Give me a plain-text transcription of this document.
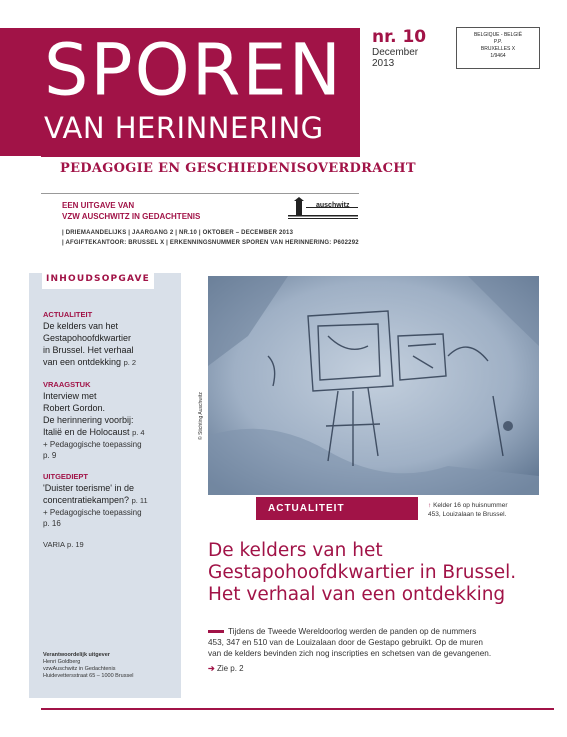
SPOREN
VAN HERINNERING
nr. 10
December
2013
BELGIQUE - BELGIË
P.P.
BRUXELLES X
1/9464
PEDAGOGIE EN GESCHIEDENISOVERDRACHT
EEN UITGAVE VAN
VZW AUSCHWITZ IN GEDACHTENIS
| DRIEMAANDELIJKS | JAARGANG 2 | NR.10 | OKTOBER – DECEMBER 2013
| AFGIFTEKANTOOR: BRUSSEL X | ERKENNINGSNUMMER SPOREN VAN HERINNERING: P602292
auschwitz
INHOUDSOPGAVE
ACTUALITEIT
De kelders van het
Gestapohoofdkwartier
in Brussel. Het verhaal
van een ontdekking p. 2
VRAAGSTUK
Interview met
Robert Gordon.
De herinnering voorbij:
Italië en de Holocaust p. 4
+ Pedagogische toepassing
p. 9
UITGEDIEPT
'Duister toerisme' in de
concentratiekampen? p. 11
+ Pedagogische toepassing
p. 16
VARIA p. 19
Verantwoordelijk uitgever
Henri Goldberg
vzwAuschwitz in Gedachtenis
Huidevettersstraat 65 – 1000 Brussel
© Stichting Auschwitz
ACTUALITEIT	↑ Kelder 16 op huisnummer
453, Louizalaan te Brussel.
De kelders van het
Gestapohoofdkwartier in Brussel.
Het verhaal van een ontdekking
Tijdens de Tweede Wereldoorlog werden de panden op de nummers
453, 347 en 510 van de Louizalaan door de Gestapo gebruikt. Op de muren
van de kelders bevinden zich nog inscripties en schetsen van de gevangenen.
➔ Zie p. 2
